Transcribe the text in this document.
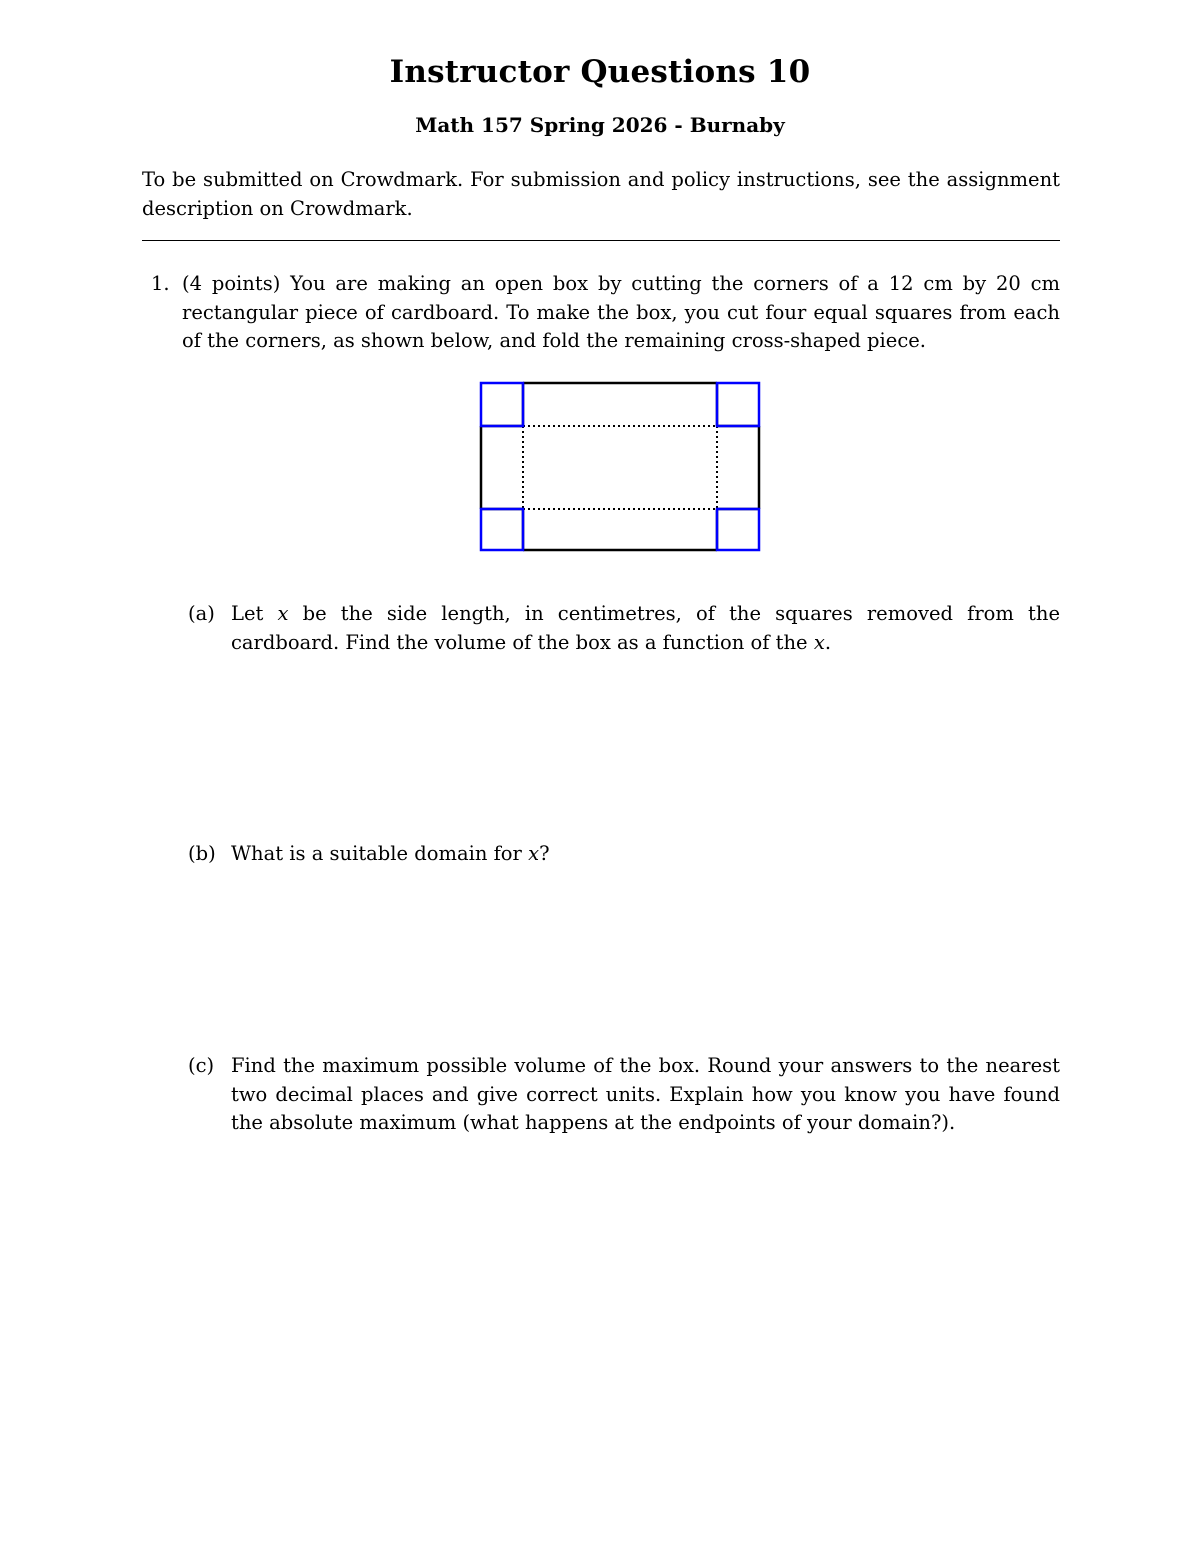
Instructor Questions 10
Math 157 Spring 2026 - Burnaby
To be submitted on Crowdmark. For submission and policy instructions, see the assignment description on Crowdmark.
1. (4 points) You are making an open box by cutting the corners of a 12 cm by 20 cm rectangular piece of cardboard. To make the box, you cut four equal squares from each of the corners, as shown below, and fold the remaining cross-shaped piece.
(a) Let x be the side length, in centimetres, of the squares removed from the cardboard. Find the volume of the box as a function of the x.
(b) What is a suitable domain for x?
(c) Find the maximum possible volume of the box. Round your answers to the nearest two decimal places and give correct units. Explain how you know you have found the absolute maximum (what happens at the endpoints of your domain?).
